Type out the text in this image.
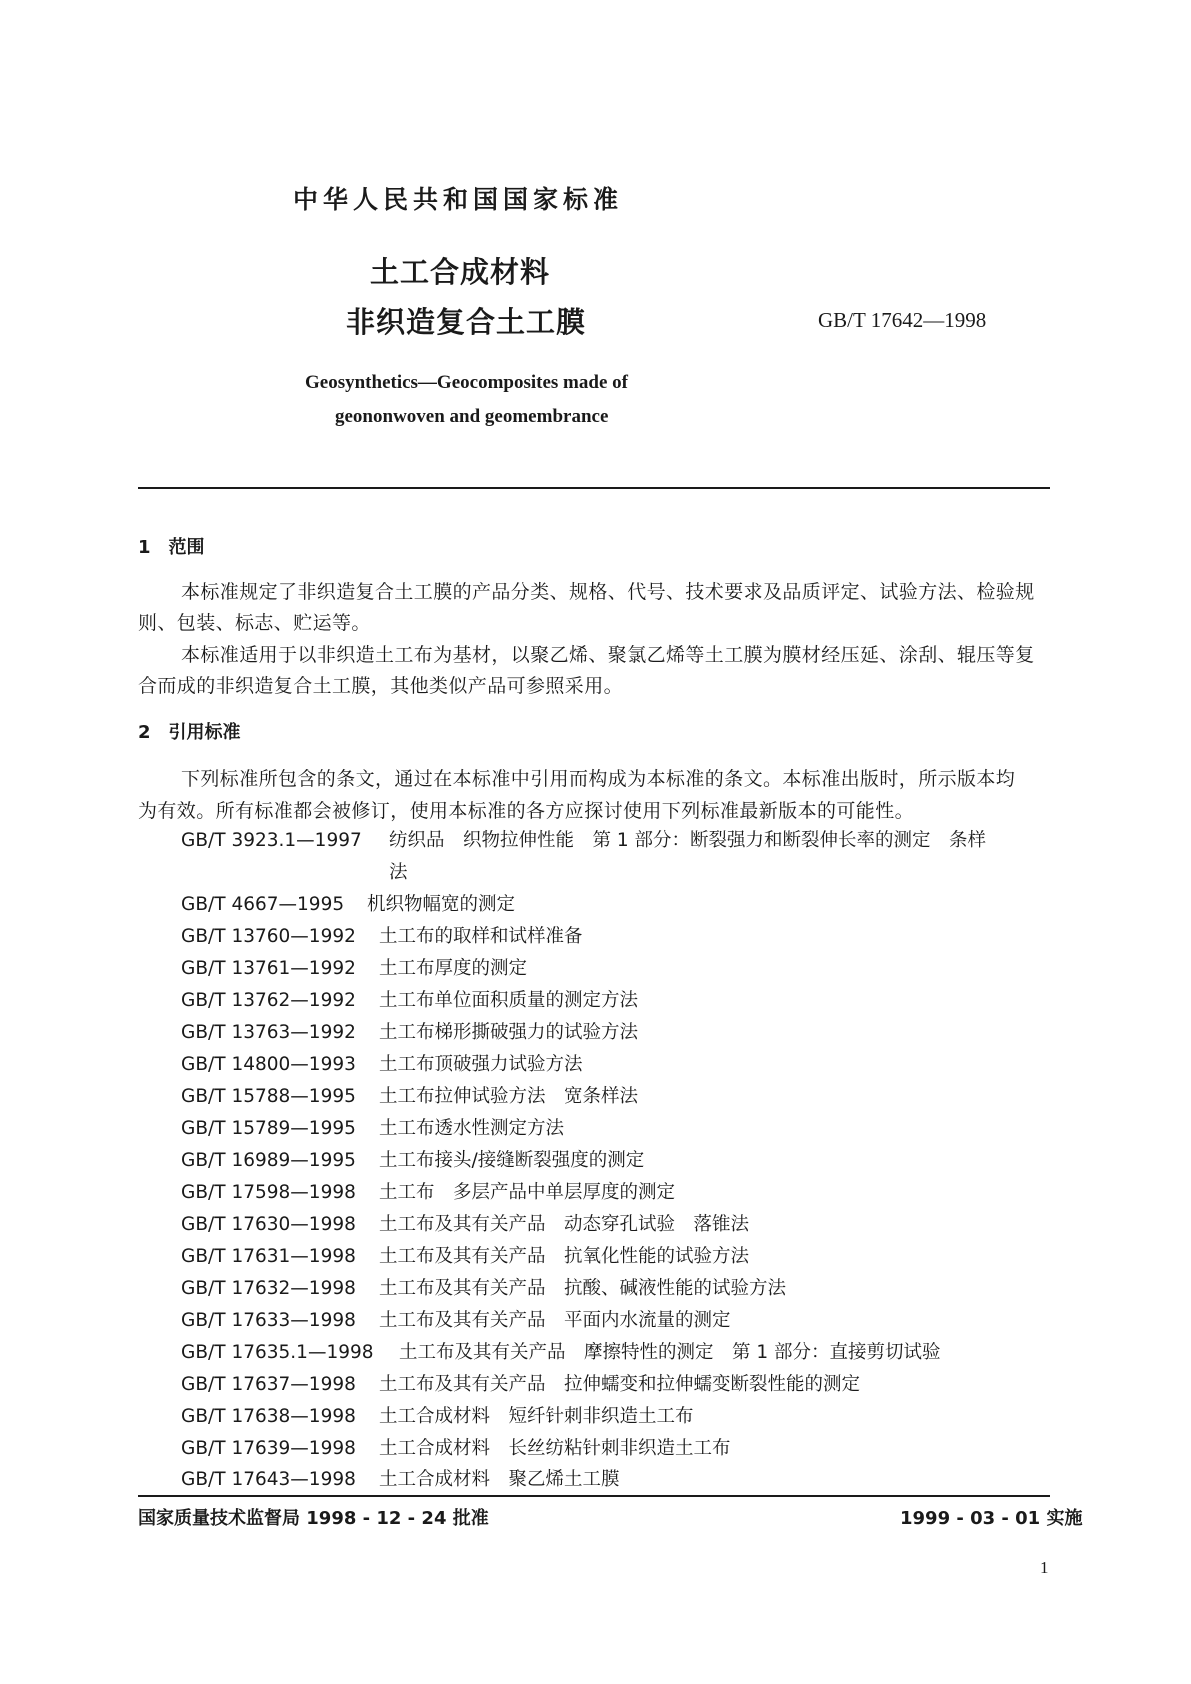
中华人民共和国国家标准
土工合成材料
非织造复合土工膜	GB/T 17642—1998
Geosynthetics—Geocomposites made of
geononwoven and geomembrance
1　范围
本标准规定了非织造复合土工膜的产品分类、规格、代号、技术要求及品质评定、试验方法、检验规
则、包装、标志、贮运等。
本标准适用于以非织造土工布为基材，以聚乙烯、聚氯乙烯等土工膜为膜材经压延、涂刮、辊压等复
合而成的非织造复合土工膜，其他类似产品可参照采用。
2　引用标准
下列标准所包含的条文，通过在本标准中引用而构成为本标准的条文。本标准出版时，所示版本均
为有效。所有标准都会被修订，使用本标准的各方应探讨使用下列标准最新版本的可能性。
GB/T 3923.1—1997 纺织品　织物拉伸性能　第 1 部分：断裂强力和断裂伸长率的测定　条样
法
GB/T 4667—1995 机织物幅宽的测定
GB/T 13760—1992 土工布的取样和试样准备
GB/T 13761—1992 土工布厚度的测定
GB/T 13762—1992 土工布单位面积质量的测定方法
GB/T 13763—1992 土工布梯形撕破强力的试验方法
GB/T 14800—1993 土工布顶破强力试验方法
GB/T 15788—1995 土工布拉伸试验方法　宽条样法
GB/T 15789—1995 土工布透水性测定方法
GB/T 16989—1995 土工布接头/接缝断裂强度的测定
GB/T 17598—1998 土工布　多层产品中单层厚度的测定
GB/T 17630—1998 土工布及其有关产品　动态穿孔试验　落锥法
GB/T 17631—1998 土工布及其有关产品　抗氧化性能的试验方法
GB/T 17632—1998 土工布及其有关产品　抗酸、碱液性能的试验方法
GB/T 17633—1998 土工布及其有关产品　平面内水流量的测定
GB/T 17635.1—1998 土工布及其有关产品　摩擦特性的测定　第 1 部分：直接剪切试验
GB/T 17637—1998 土工布及其有关产品　拉伸蠕变和拉伸蠕变断裂性能的测定
GB/T 17638—1998 土工合成材料　短纤针刺非织造土工布
GB/T 17639—1998 土工合成材料　长丝纺粘针刺非织造土工布
GB/T 17643—1998 土工合成材料　聚乙烯土工膜
国家质量技术监督局 1998 - 12 - 24 批准	1999 - 03 - 01 实施
1
